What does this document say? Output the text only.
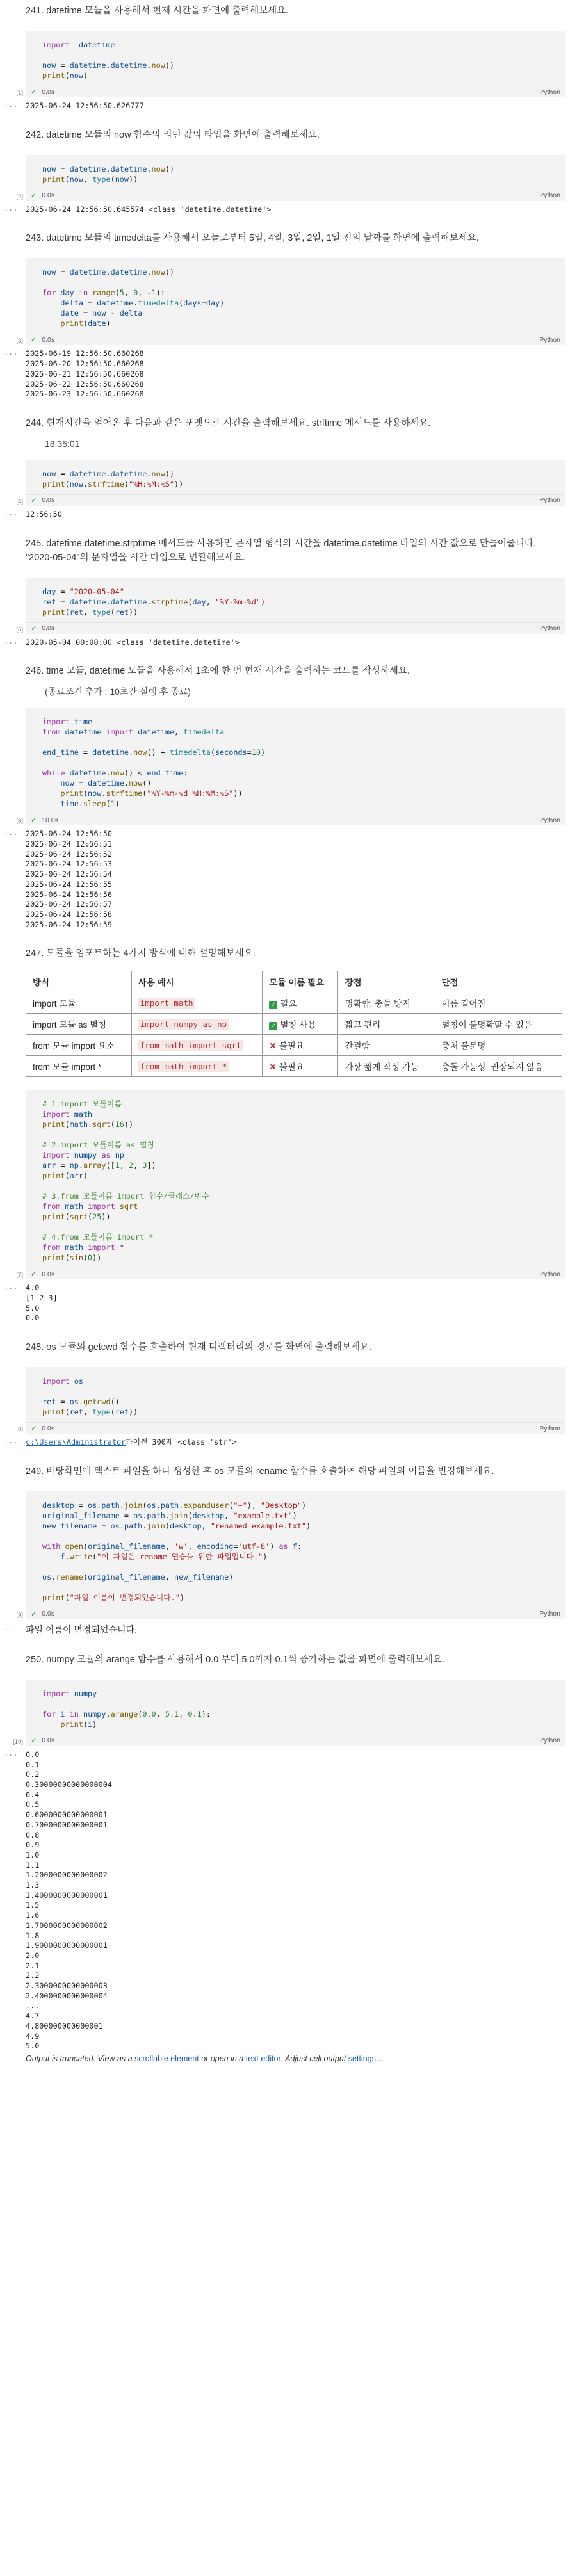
241. datetime 모듈을 사용해서 현재 시간을 화면에 출력해보세요.

import datetime

now = datetime.datetime.now()
print(now)
✓ 0.0s	Python
[1]
... 2025-06-24 12:56:50.626777

242. datetime 모듈의 now 함수의 리턴 값의 타입을 화면에 출력해보세요.

now = datetime.datetime.now()
print(now, type(now))
✓ 0.0s	Python
[2]
... 2025-06-24 12:56:50.645574 <class 'datetime.datetime'>

243. datetime 모듈의 timedelta를 사용해서 오늘로부터 5일, 4일, 3일, 2일, 1일 전의 날짜를 화면에 출력해보세요.

now = datetime.datetime.now()

for day in range(5, 0, -1):
delta = datetime.timedelta(days=day)
date = now - delta
print(date)
✓ 0.0s	Python
[3]
... 2025-06-19 12:56:50.660268
2025-06-20 12:56:50.660268
2025-06-21 12:56:50.660268
2025-06-22 12:56:50.660268
2025-06-23 12:56:50.660268

244. 현재시간을 얻어온 후 다음과 같은 포맷으로 시간을 출력해보세요. strftime 메서드를 사용하세요.

18:35:01

now = datetime.datetime.now()
print(now.strftime("%H:%M:%S"))
✓ 0.0s	Python
[4]
... 12:56:50

245. datetime.datetime.strptime 메서드를 사용하면 문자열 형식의 시간을 datetime.datetime 타입의 시간 값으로 만들어줍니다. "2020-05-04"의 문자열을 시간 타입으로 변환해보세요.

day = "2020-05-04"
ret = datetime.datetime.strptime(day, "%Y-%m-%d")
print(ret, type(ret))
✓ 0.0s	Python
[5]
... 2020-05-04 00:00:00 <class 'datetime.datetime'>

246. time 모듈, datetime 모듈을 사용해서 1초에 한 번 현재 시간을 출력하는 코드를 작성하세요.

(종료조건 추가 : 10초간 실행 후 종료)

import time
from datetime import datetime, timedelta

end_time = datetime.now() + timedelta(seconds=10)

while datetime.now() < end_time:
now = datetime.now()
print(now.strftime("%Y-%m-%d %H:%M:%S"))
time.sleep(1)
✓ 10.0s	Python
[6]
... 2025-06-24 12:56:50
2025-06-24 12:56:51
2025-06-24 12:56:52
2025-06-24 12:56:53
2025-06-24 12:56:54
2025-06-24 12:56:55
2025-06-24 12:56:56
2025-06-24 12:56:57
2025-06-24 12:56:58
2025-06-24 12:56:59

247. 모듈을 임포트하는 4가지 방식에 대해 설명해보세요.

방식	사용 예시	모듈 이름 필요	장점	단점
import 모듈	import math	✓ 필요	명확함, 충돌 방지	이름 길어짐
import 모듈 as 별칭	import numpy as np	✓ 별칭 사용	짧고 편리	별칭이 불명확할 수 있음
from 모듈 import 요소	from math import sqrt	✕ 불필요	간결함	충처 불분명
from 모듈 import *	from math import *	✕ 불필요	가장 짧게 작성 가능	충돌 가능성, 권장되지 않음
# 1.import 모듈이름
import math
print(math.sqrt(16))

# 2.import 모듈이름 as 별칭
import numpy as np
arr = np.array([1, 2, 3])
print(arr)

# 3.from 모듈이름 import 함수/클래스/변수
from math import sqrt
print(sqrt(25))

# 4.from 모듈이름 import *
from math import *
print(sin(0))
✓ 0.0s	Python
[7]
... 4.0
[1 2 3]
5.0
0.0

248. os 모듈의 getcwd 함수를 호출하여 현재 디렉터리의 경로를 화면에 출력해보세요.

import os

ret = os.getcwd()
print(ret, type(ret))
✓ 0.0s	Python
[8]
... c:\Users\Administrator파이썬 300제 <class 'str'>

249. 바탕화면에 텍스트 파일을 하나 생성한 후 os 모듈의 rename 함수를 호출하여 해당 파일의 이름을 변경해보세요.

desktop = os.path.join(os.path.expanduser("~"), "Desktop")
original_filename = os.path.join(desktop, "example.txt")
new_filename = os.path.join(desktop, "renamed_example.txt")

with open(original_filename, 'w', encoding='utf-8') as f:
f.write("이 파일은 rename 연습을 위한 파일입니다.")

os.rename(original_filename, new_filename)

print("파일 이름이 변경되었습니다.")
✓ 0.0s	Python
[9]
... 파일 이름이 변경되었습니다.

250. numpy 모듈의 arange 함수를 사용해서 0.0 부터 5.0까지 0.1씩 증가하는 값을 화면에 출력해보세요.

import numpy

for i in numpy.arange(0.0, 5.1, 0.1):
print(i)
✓ 0.0s	Python
[10]
... 0.0
0.1
0.2
0.30000000000000004
0.4
0.5
0.6000000000000001
0.7000000000000001
0.8
0.9
1.0
1.1
1.2000000000000002
1.3
1.4000000000000001
1.5
1.6
1.7000000000000002
1.8
1.9000000000000001
2.0
2.1
2.2
2.3000000000000003
2.4000000000000004
...
4.7
4.800000000000001
4.9
5.0
Output is truncated. View as a scrollable element or open in a text editor. Adjust cell output settings...
